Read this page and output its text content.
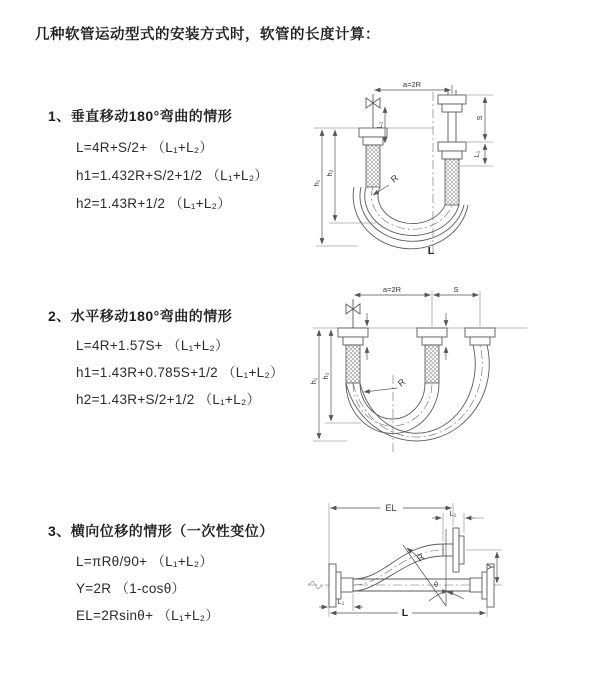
几种软管运动型式的安装方式时，软管的长度计算：
1、垂直移动180°弯曲的情形
L=4R+S/2+ （L₁+L₂）
h1=1.432R+S/2+1/2 （L₁+L₂）
h2=1.43R+1/2 （L₁+L₂）
2、水平移动180°弯曲的情形
L=4R+1.57S+ （L₁+L₂）
h1=1.43R+0.785S+1/2 （L₁+L₂）
h2=1.43R+S/2+1/2 （L₁+L₂）
3、横向位移的情形（一次性变位）
L=πRθ/90+ （L₁+L₂）
Y=2R （1-cosθ）
EL=2Rsinθ+ （L₁+L₂）
a=2R
L₁
S
L₁
h₁
h₂	R
L
a=2R	S
h₁
h₂
R
EL
L₁
Y
R
θ
L₁
L
